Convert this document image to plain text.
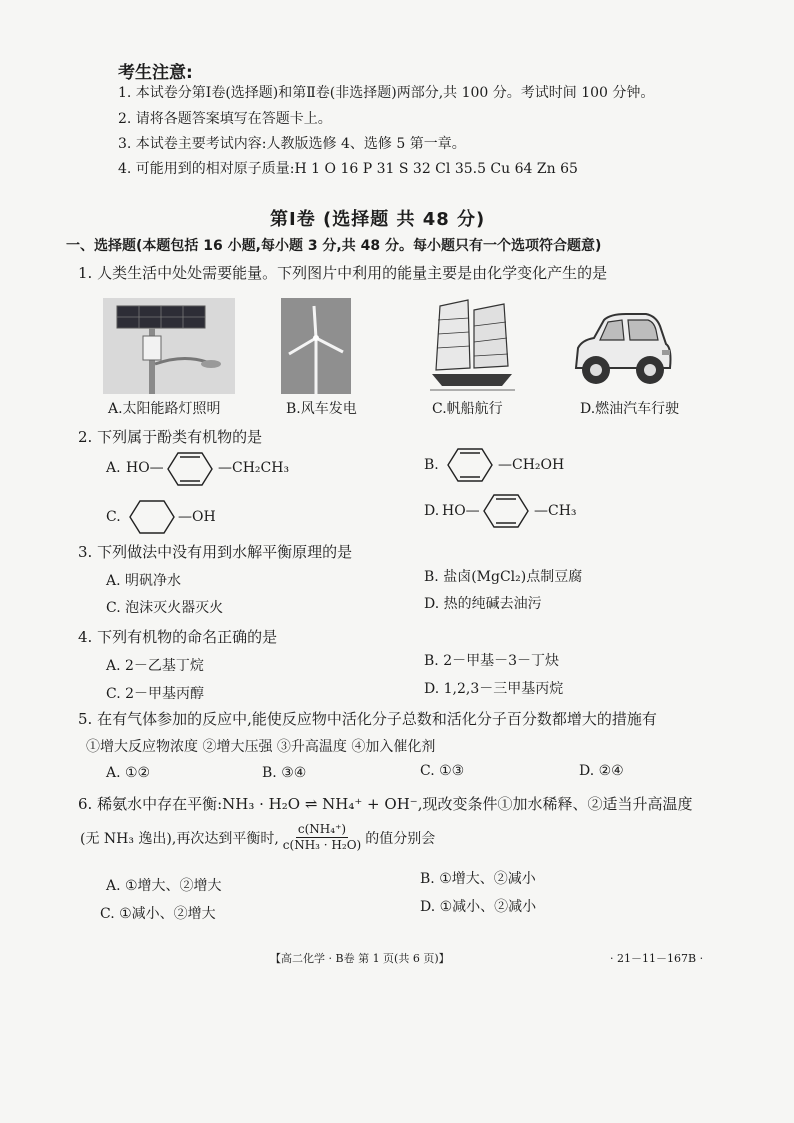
考生注意:
1. 本试卷分第Ⅰ卷(选择题)和第Ⅱ卷(非选择题)两部分,共 100 分。考试时间 100 分钟。
2. 请将各题答案填写在答题卡上。
3. 本试卷主要考试内容:人教版选修 4、选修 5 第一章。
4. 可能用到的相对原子质量:H 1 O 16 P 31 S 32 Cl 35.5 Cu 64 Zn 65
第Ⅰ卷 (选择题 共 48 分)
一、选择题(本题包括 16 小题,每小题 3 分,共 48 分。每小题只有一个选项符合题意)
1. 人类生活中处处需要能量。下列图片中利用的能量主要是由化学变化产生的是
A.太阳能路灯照明	B.风车发电	C.帆船航行	D.燃油汽车行驶
2. 下列属于酚类有机物的是
A. HO—	—CH₂CH₃	B.	—CH₂OH
C.	—OH	D. HO—	—CH₃
3. 下列做法中没有用到水解平衡原理的是
A. 明矾净水	B. 盐卤(MgCl₂)点制豆腐
C. 泡沫灭火器灭火	D. 热的纯碱去油污
4. 下列有机物的命名正确的是
A. 2－乙基丁烷	B. 2－甲基－3－丁炔
C. 2－甲基丙醇	D. 1,2,3－三甲基丙烷
5. 在有气体参加的反应中,能使反应物中活化分子总数和活化分子百分数都增大的措施有
①增大反应物浓度 ②增大压强 ③升高温度 ④加入催化剂
A. ①②	B. ③④	C. ①③	D. ②④
6. 稀氨水中存在平衡:NH₃ · H₂O ⇌ NH₄⁺ + OH⁻,现改变条件①加水稀释、②适当升高温度
(无 NH₃ 逸出),再次达到平衡时, $\frac{\text{c(NH₄⁺)}}{\text{c(NH₃ · H₂O)}}$ 的值分别会
A. ①增大、②增大	B. ①增大、②减小
C. ①减小、②增大	D. ①减小、②减小
【高二化学 · B卷 第 1 页(共 6 页)】	· 21－11－167B ·
